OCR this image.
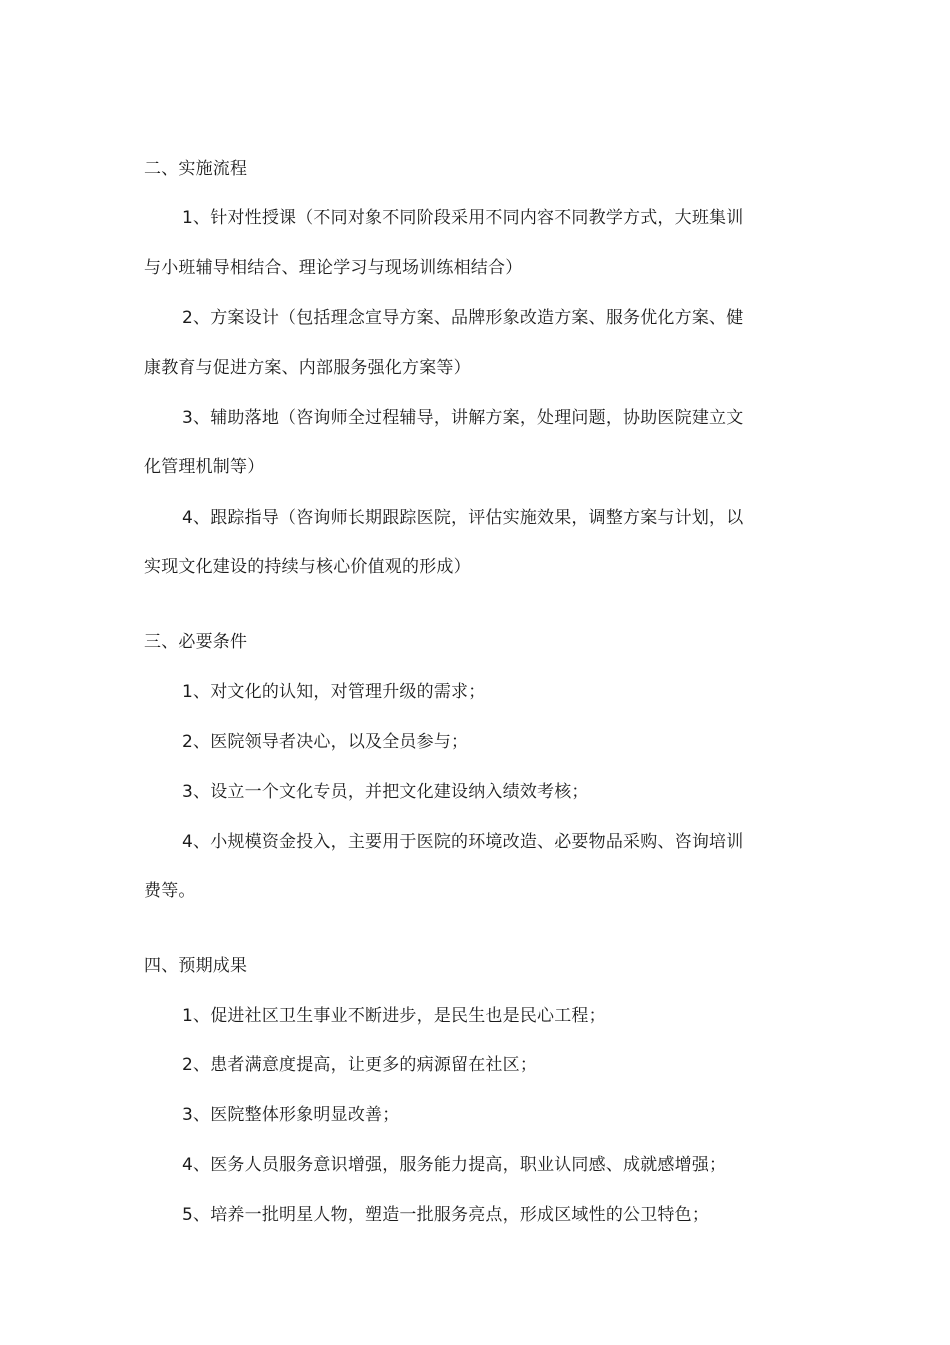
二、实施流程
1、针对性授课（不同对象不同阶段采用不同内容不同教学方式，大班集训
与小班辅导相结合、理论学习与现场训练相结合）
2、方案设计（包括理念宣导方案、品牌形象改造方案、服务优化方案、健
康教育与促进方案、内部服务强化方案等）
3、辅助落地（咨询师全过程辅导，讲解方案，处理问题，协助医院建立文
化管理机制等）
4、跟踪指导（咨询师长期跟踪医院，评估实施效果，调整方案与计划，以
实现文化建设的持续与核心价值观的形成）
三、必要条件
1、对文化的认知，对管理升级的需求；
2、医院领导者决心，以及全员参与；
3、设立一个文化专员，并把文化建设纳入绩效考核；
4、小规模资金投入，主要用于医院的环境改造、必要物品采购、咨询培训
费等。
四、预期成果
1、促进社区卫生事业不断进步，是民生也是民心工程；
2、患者满意度提高，让更多的病源留在社区；
3、医院整体形象明显改善；
4、医务人员服务意识增强，服务能力提高，职业认同感、成就感增强；
5、培养一批明星人物，塑造一批服务亮点，形成区域性的公卫特色；
